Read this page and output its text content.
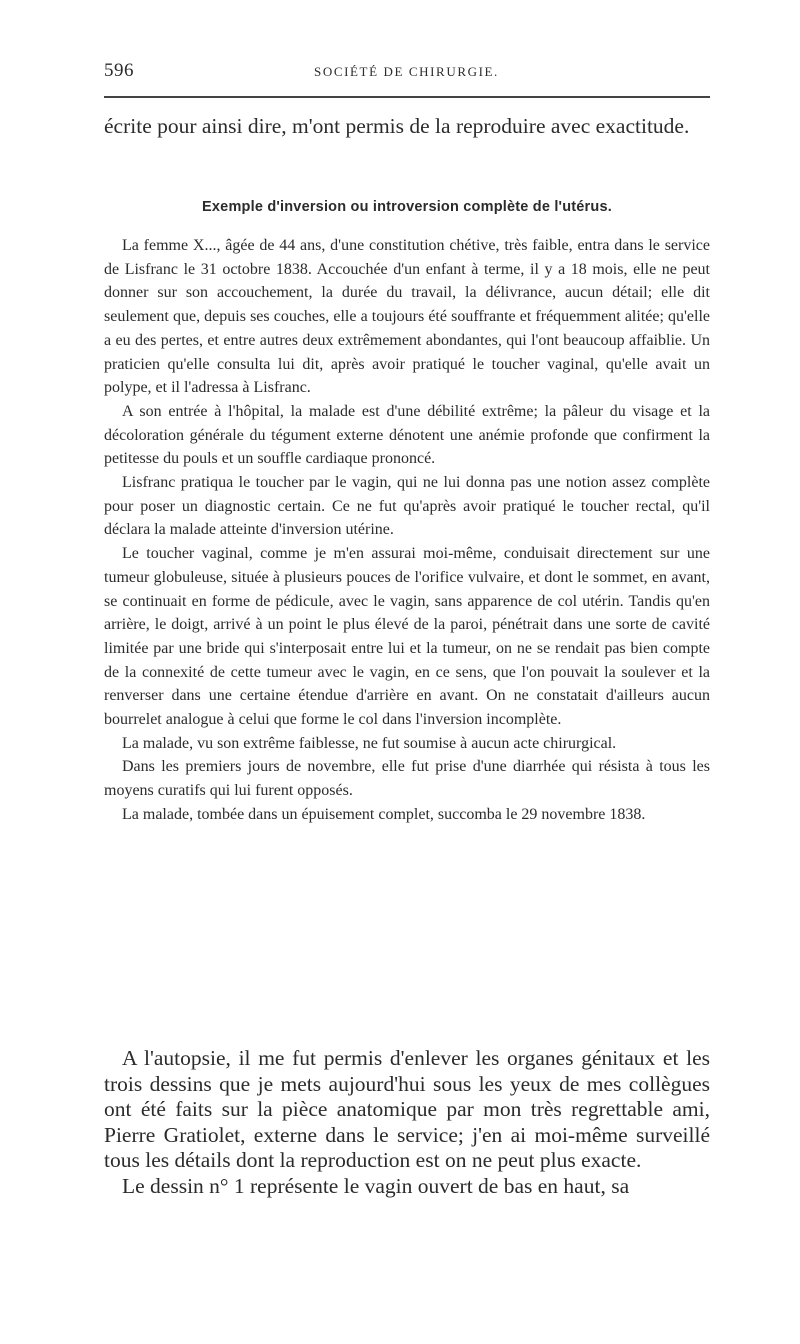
596	SOCIÉTÉ DE CHIRURGIE.

écrite pour ainsi dire, m'ont permis de la reproduire avec exactitude.

Exemple d'inversion ou introversion complète de l'utérus.

La femme X..., âgée de 44 ans, d'une constitution chétive, très faible, entra dans le service de Lisfranc le 31 octobre 1838. Accouchée d'un enfant à terme, il y a 18 mois, elle ne peut donner sur son accouchement, la durée du travail, la délivrance, aucun détail; elle dit seulement que, depuis ses couches, elle a toujours été souffrante et fréquemment alitée; qu'elle a eu des pertes, et entre autres deux extrêmement abondantes, qui l'ont beaucoup affaiblie. Un praticien qu'elle consulta lui dit, après avoir pratiqué le toucher vaginal, qu'elle avait un polype, et il l'adressa à Lisfranc.

A son entrée à l'hôpital, la malade est d'une débilité extrême; la pâleur du visage et la décoloration générale du tégument externe dénotent une anémie profonde que confirment la petitesse du pouls et un souffle cardiaque prononcé.

Lisfranc pratiqua le toucher par le vagin, qui ne lui donna pas une notion assez complète pour poser un diagnostic certain. Ce ne fut qu'après avoir pratiqué le toucher rectal, qu'il déclara la malade atteinte d'inversion utérine.

Le toucher vaginal, comme je m'en assurai moi-même, conduisait directement sur une tumeur globuleuse, située à plusieurs pouces de l'orifice vulvaire, et dont le sommet, en avant, se continuait en forme de pédicule, avec le vagin, sans apparence de col utérin. Tandis qu'en arrière, le doigt, arrivé à un point le plus élevé de la paroi, pénétrait dans une sorte de cavité limitée par une bride qui s'interposait entre lui et la tumeur, on ne se rendait pas bien compte de la connexité de cette tumeur avec le vagin, en ce sens, que l'on pouvait la soulever et la renverser dans une certaine étendue d'arrière en avant. On ne constatait d'ailleurs aucun bourrelet analogue à celui que forme le col dans l'inversion incomplète.

La malade, vu son extrême faiblesse, ne fut soumise à aucun acte chirurgical.

Dans les premiers jours de novembre, elle fut prise d'une diarrhée qui résista à tous les moyens curatifs qui lui furent opposés.

La malade, tombée dans un épuisement complet, succomba le 29 novembre 1838.

A l'autopsie, il me fut permis d'enlever les organes génitaux et les trois dessins que je mets aujourd'hui sous les yeux de mes collègues ont été faits sur la pièce anatomique par mon très regrettable ami, Pierre Gratiolet, externe dans le service; j'en ai moi-même surveillé tous les détails dont la reproduction est on ne peut plus exacte.

Le dessin n° 1 représente le vagin ouvert de bas en haut, sa
